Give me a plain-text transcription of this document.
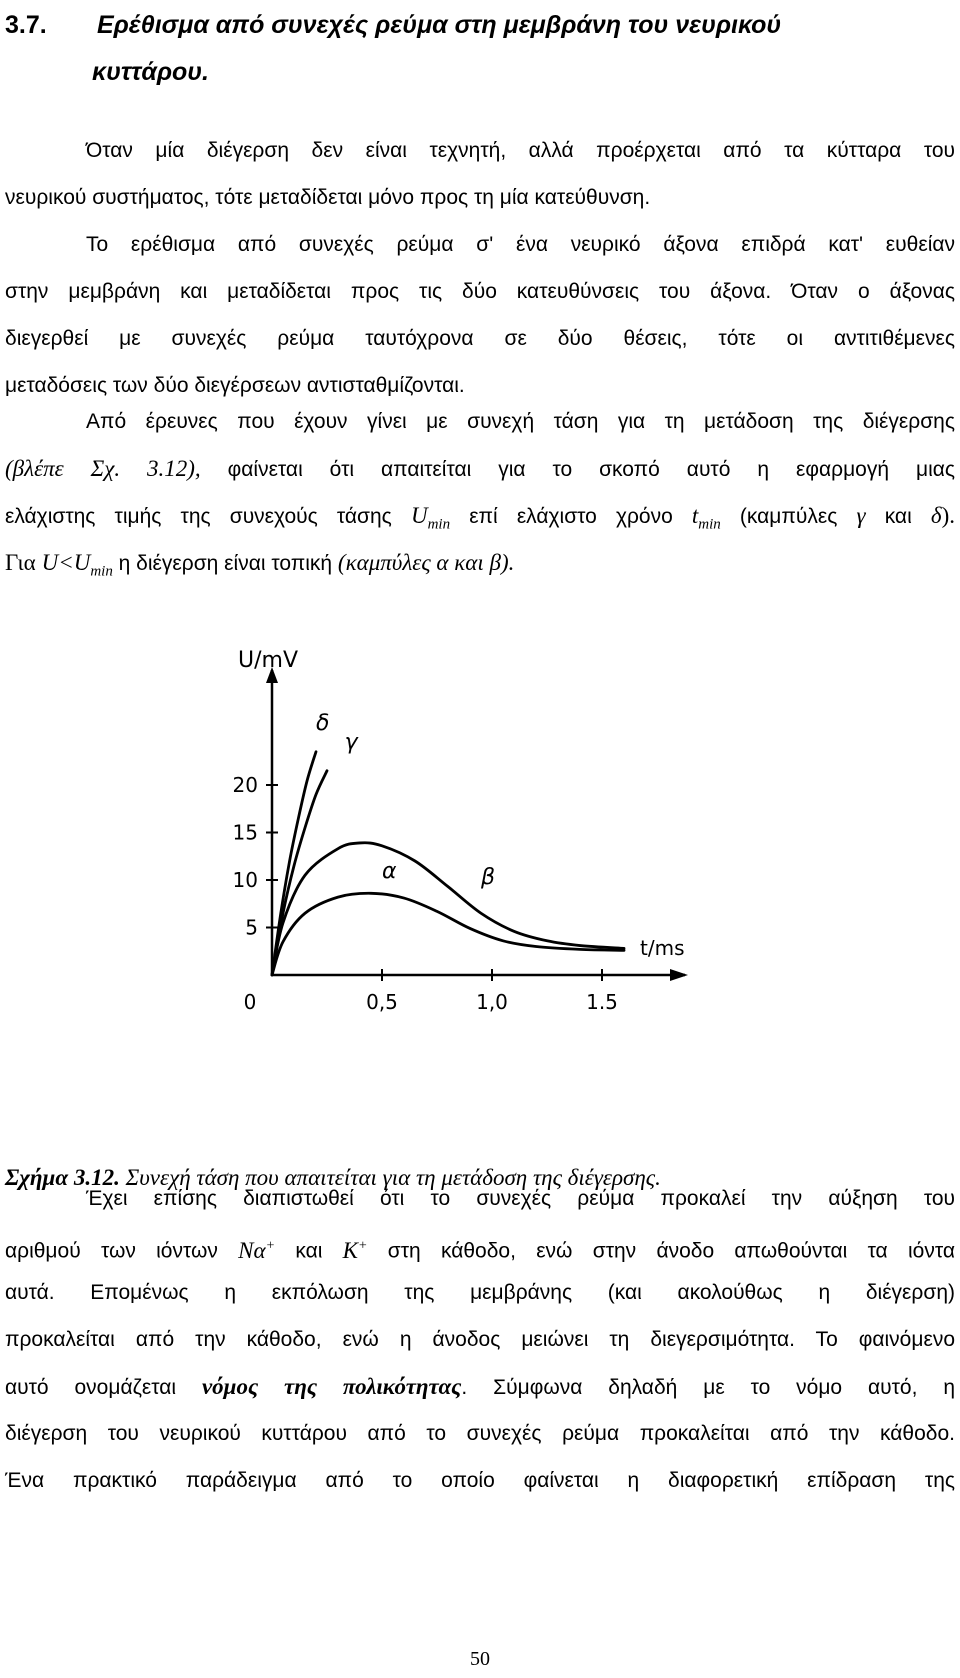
3.7. Ερέθισμα από συνεχές ρεύμα στη μεμβράνη του νευρικού
κυττάρου.
Όταν μία διέγερση δεν είναι τεχνητή, αλλά προέρχεται από τα κύτταρα του
νευρικού συστήματος, τότε μεταδίδεται μόνο προς τη μία κατεύθυνση.
Το ερέθισμα από συνεχές ρεύμα σ' ένα νευρικό άξονα επιδρά κατ' ευθείαν
στην μεμβράνη και μεταδίδεται προς τις δύο κατευθύνσεις του άξονα. Όταν ο άξονας
διεγερθεί με συνεχές ρεύμα ταυτόχρονα σε δύο θέσεις, τότε οι αντιτιθέμενες
μεταδόσεις των δύο διεγέρσεων αντισταθμίζονται.
Από έρευνες που έχουν γίνει με συνεχή τάση για τη μετάδοση της διέγερσης
(βλέπε Σχ. 3.12), φαίνεται ότι απαιτείται για το σκοπό αυτό η εφαρμογή μιας
ελάχιστης τιμής της συνεχούς τάσης $U_{min}$ επί ελάχιστο χρόνο $t_{min}$ (καμπύλες γ και δ).
Για $U<U_{min}$ η διέγερση είναι τοπική (καμπύλες α και β).
U/mV
t/ms
20
15
10
5
0,5	1,0	1.5
0
α	β
γ
δ
Σχήμα 3.12. Συνεχή τάση που απαιτείται για τη μετάδοση της διέγερσης.
Έχει επίσης διαπιστωθεί ότι το συνεχές ρεύμα προκαλεί την αύξηση του
αριθμού των ιόντων Να+ και Κ+ στη κάθοδο, ενώ στην άνοδο απωθούνται τα ιόντα
αυτά. Επομένως η εκπόλωση της μεμβράνης (και ακολούθως η διέγερση)
προκαλείται από την κάθοδο, ενώ η άνοδος μειώνει τη διεγερσιμότητα. Το φαινόμενο
αυτό ονομάζεται νόμος της πολικότητας. Σύμφωνα δηλαδή με το νόμο αυτό, η
διέγερση του νευρικού κυττάρου από το συνεχές ρεύμα προκαλείται από την κάθοδο.
Ένα πρακτικό παράδειγμα από το οποίο φαίνεται η διαφορετική επίδραση της
50
